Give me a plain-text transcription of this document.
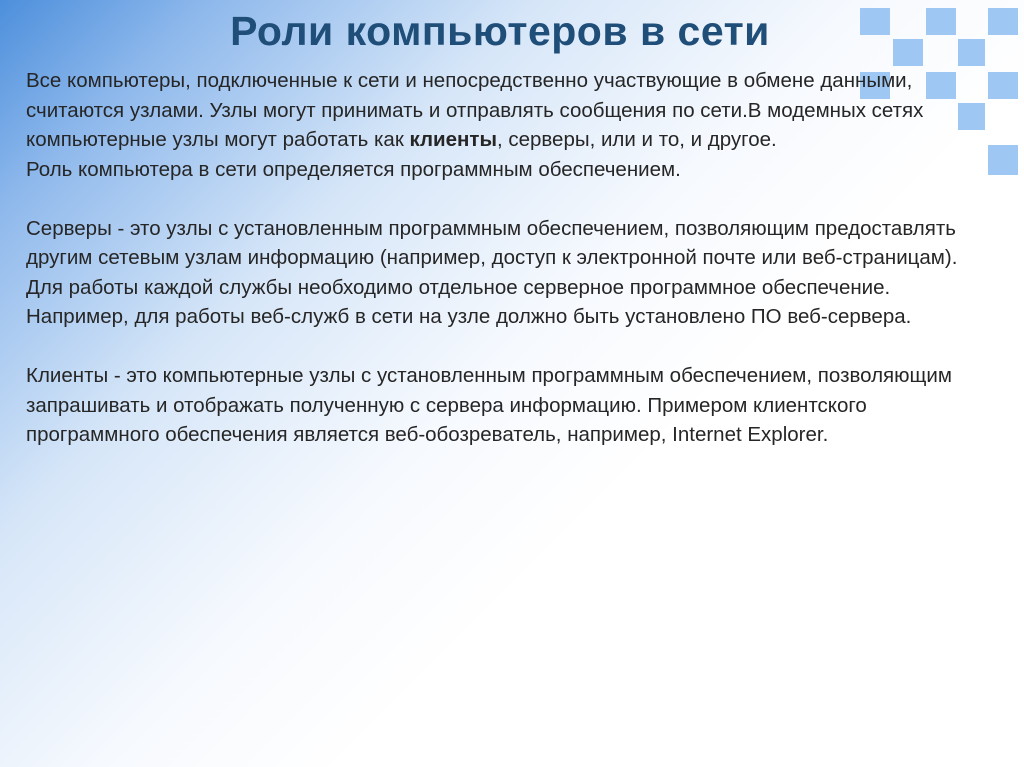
Роли компьютеров в сети

Все компьютеры, подключенные к сети и непосредственно участвующие в обмене данными, считаются узлами. Узлы могут принимать и отправлять сообщения по сети.В модемных сетях компьютерные узлы могут работать как клиенты, серверы, или и то, и другое.

Роль компьютера в сети определяется программным обеспечением.

Серверы - это узлы с установленным программным обеспечением, позволяющим предоставлять другим сетевым узлам информацию (например, доступ к электронной почте или веб-страницам). Для работы каждой службы необходимо отдельное серверное программное обеспечение. Например, для работы веб-служб в сети на узле должно быть установлено ПО веб-сервера.

Клиенты - это компьютерные узлы с установленным программным обеспечением, позволяющим запрашивать и отображать полученную с сервера информацию. Примером клиентского программного обеспечения является веб-обозреватель, например, Internet Explorer.
